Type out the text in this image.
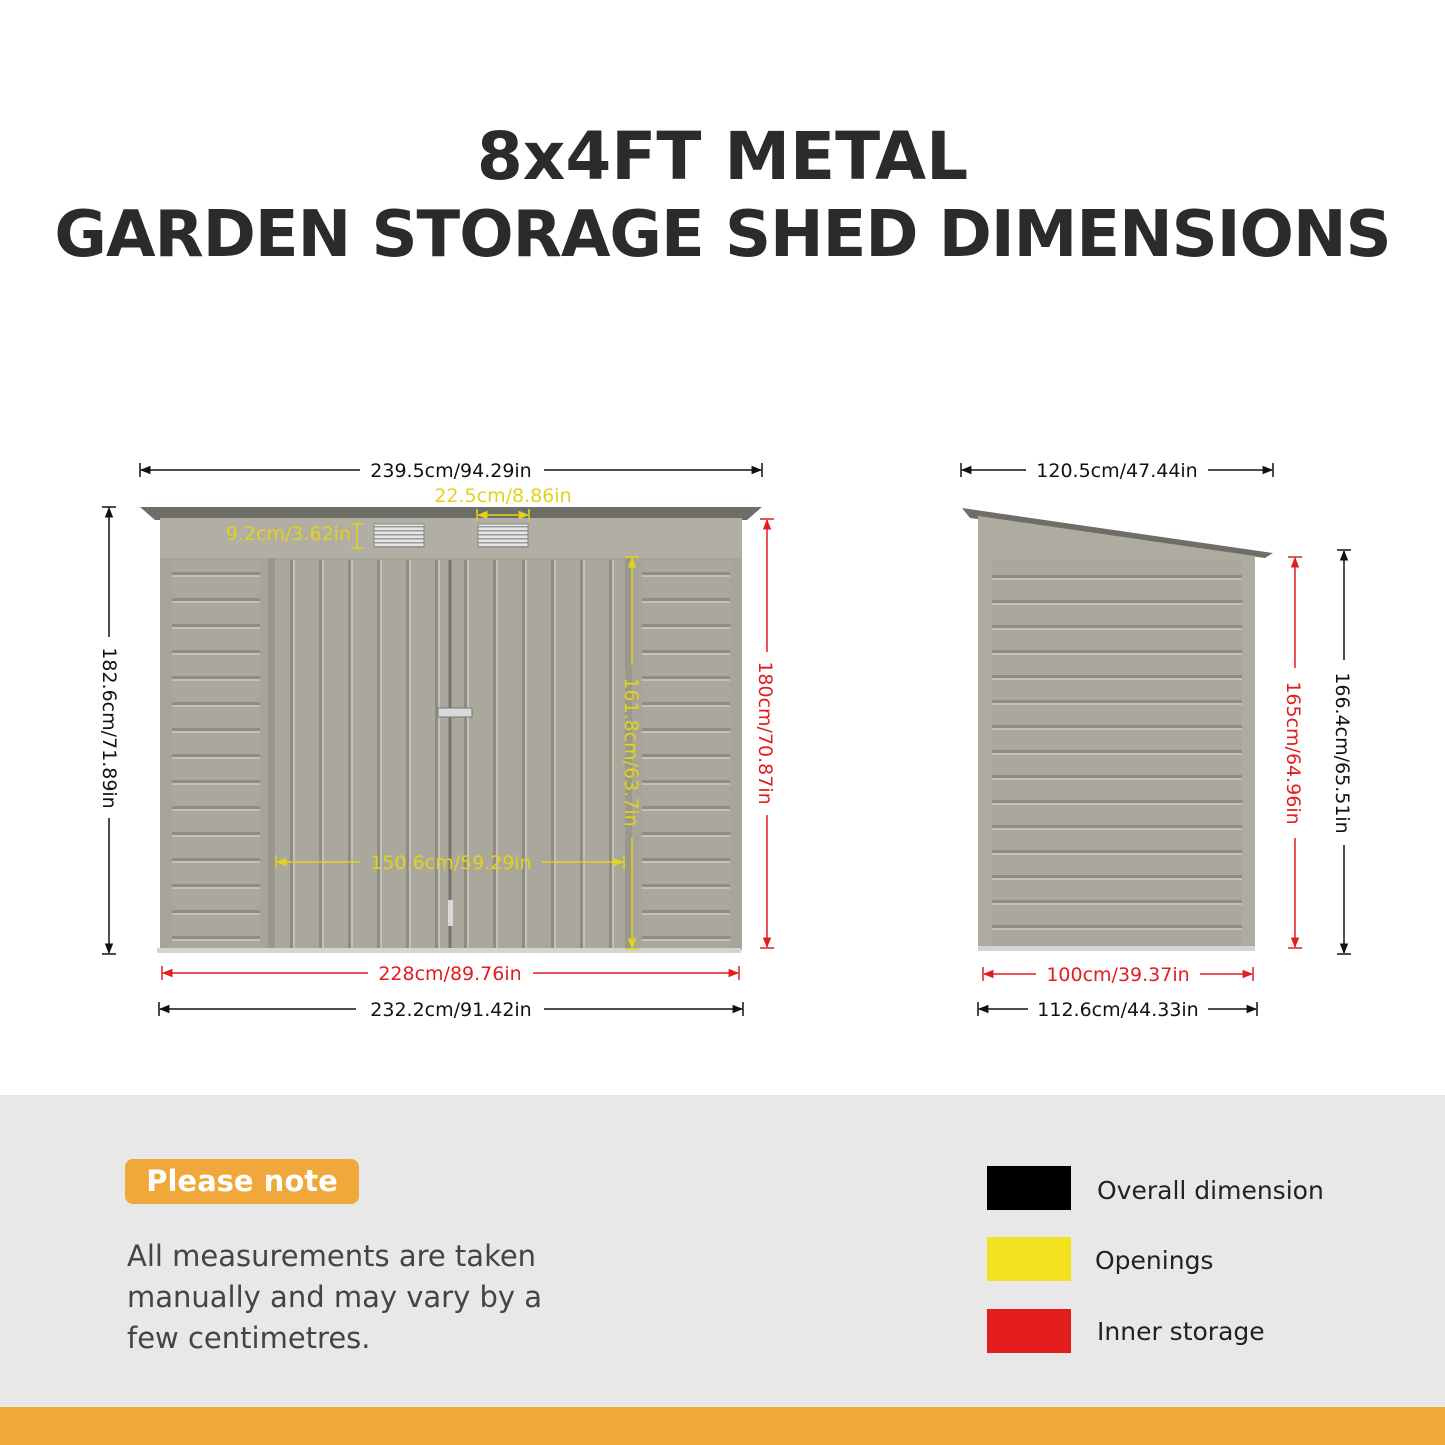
8x4FT METAL
GARDEN STORAGE SHED DIMENSIONS
239.5cm/94.29in
22.5cm/8.86in
9.2cm/3.62in
182.6cm/71.89in	161.8cm/63.7in	180cm/70.87in
150.6cm/59.29in
228cm/89.76in
232.2cm/91.42in
120.5cm/47.44in
165cm/64.96in 166.4cm/65.51in
100cm/39.37in
112.6cm/44.33in
Please note

All measurements are taken manually and may vary by a few centimetres.

Overall dimension
Openings
Inner storage
